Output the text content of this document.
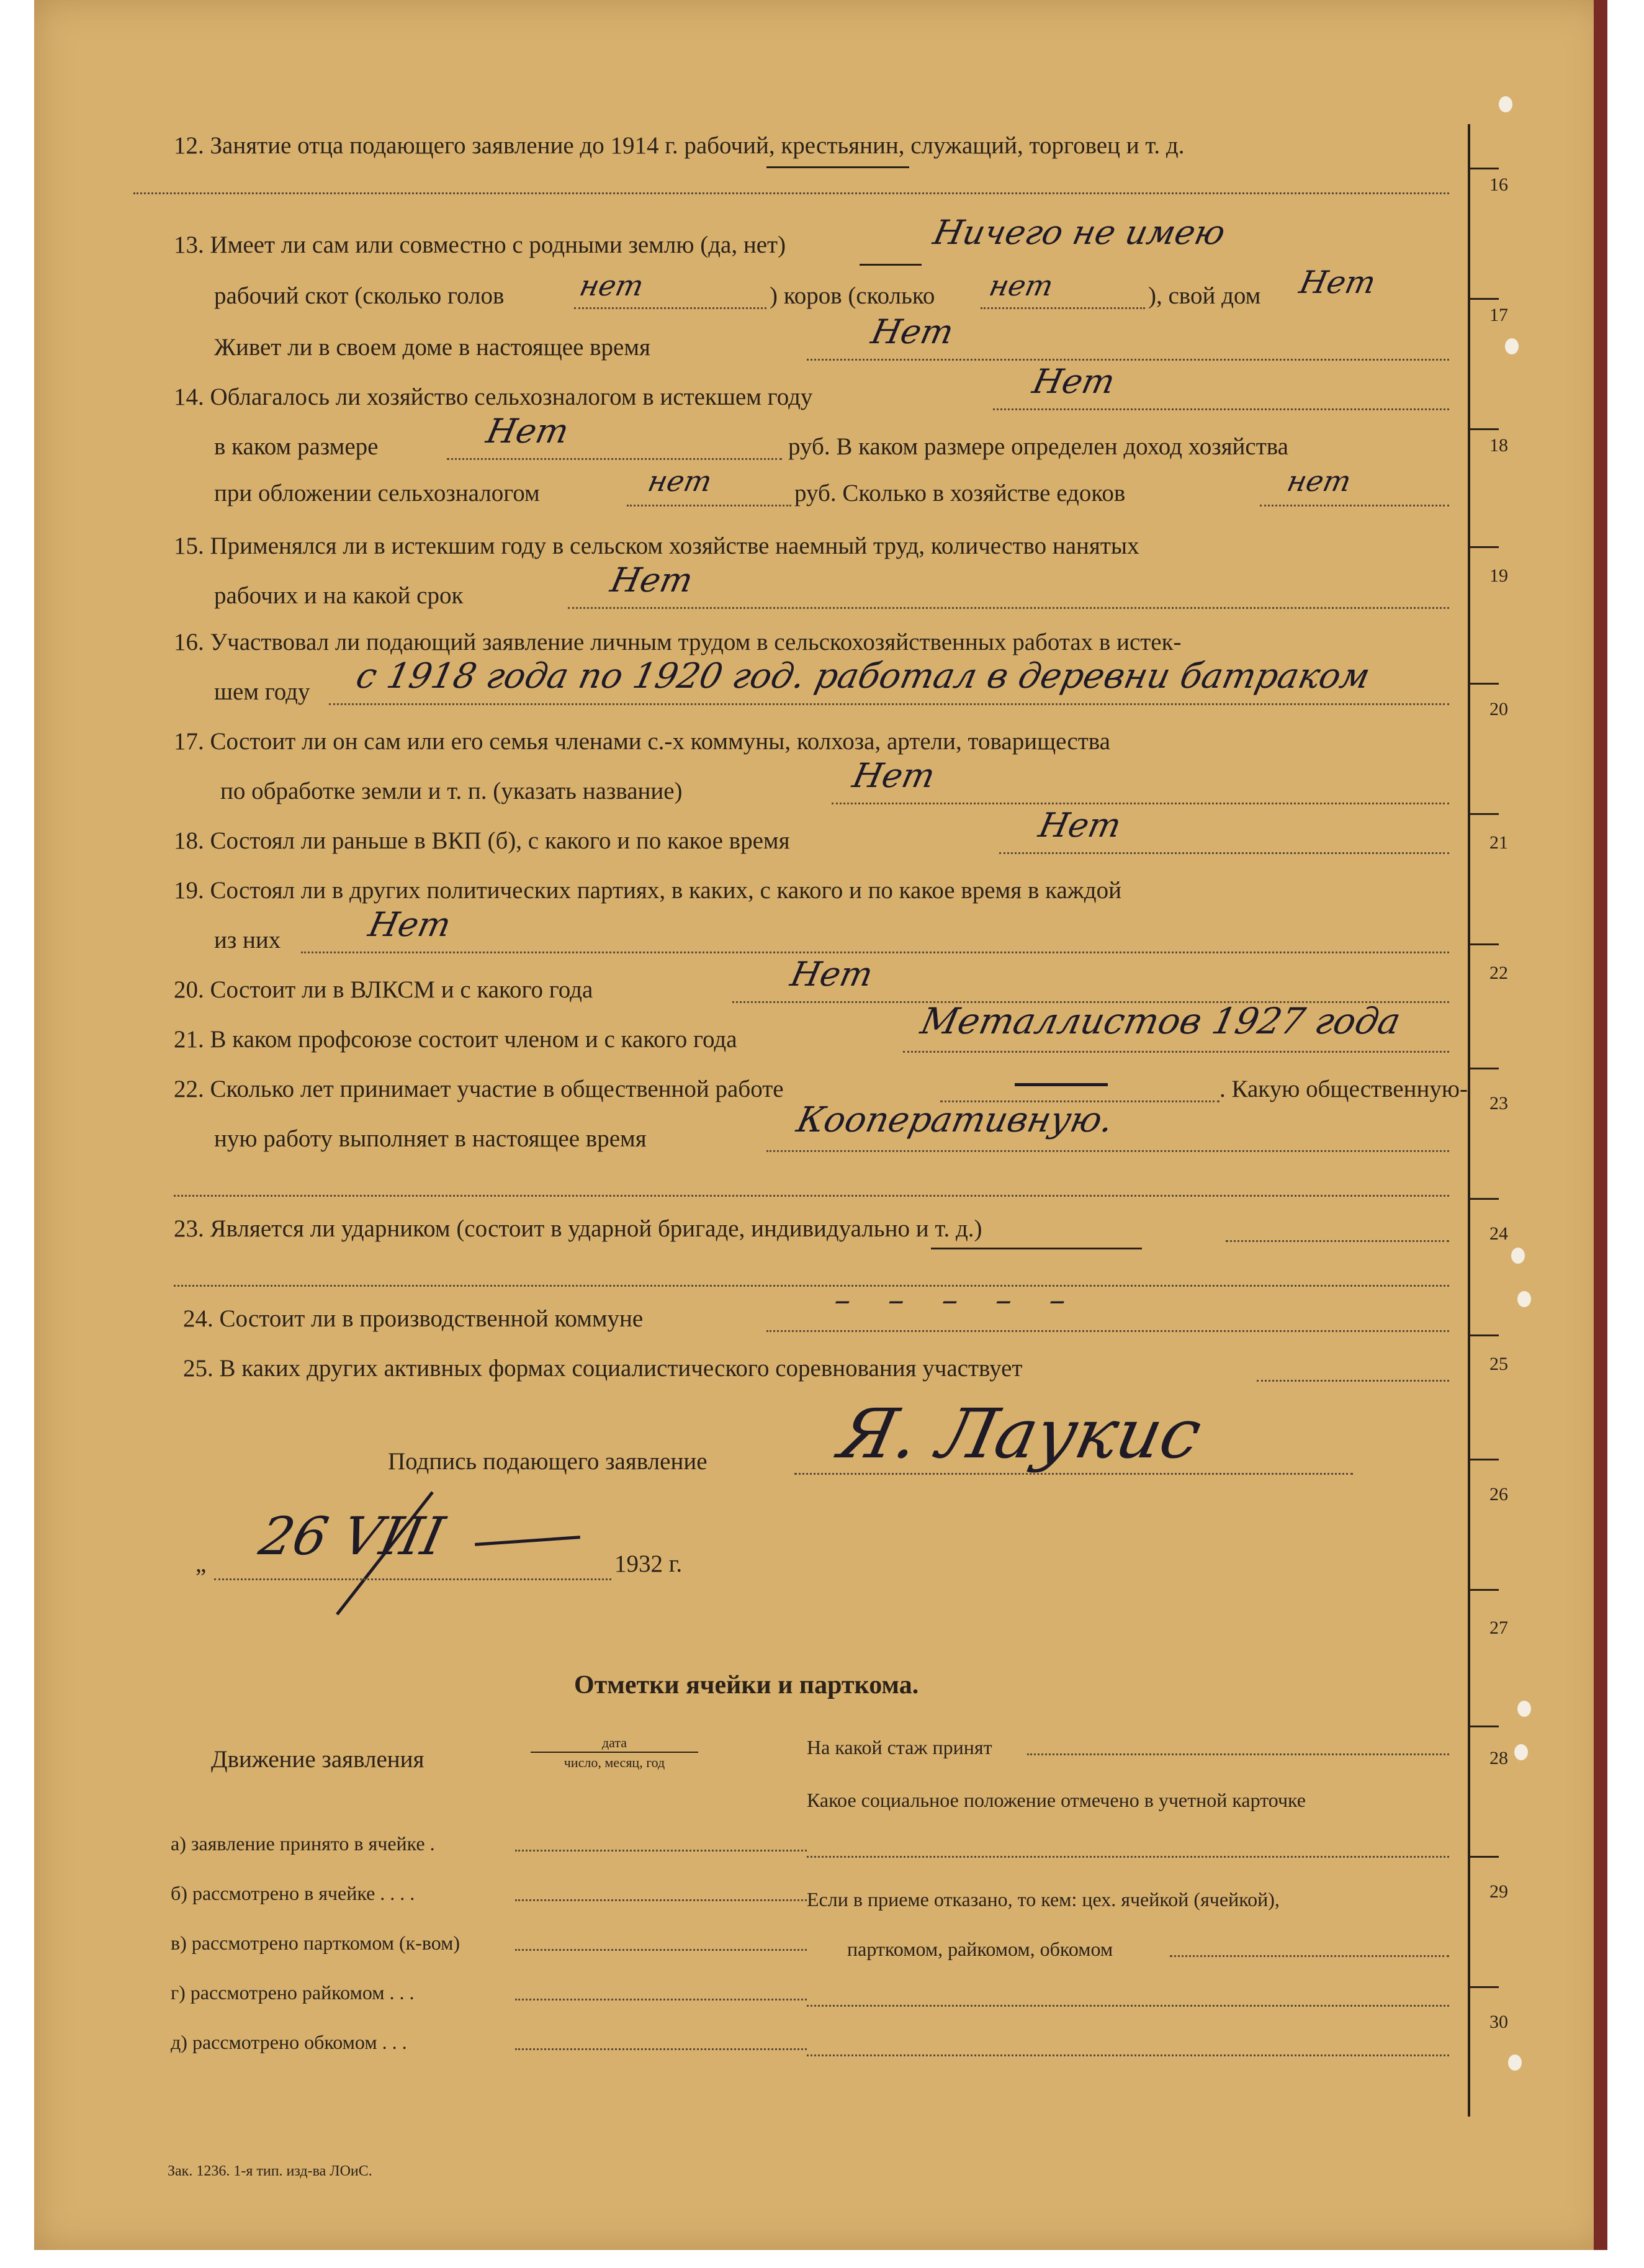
16
17
18
19
20
21
22
23
24
25
26
27
28
29
30
12. Занятие отца подающего заявление до 1914 г. рабочий, крестьянин, служащий, торговец и т. д.
13. Имеет ли сам или совместно с родными землю (да, нет)	Ничего не имею
рабочий скот (сколько голов	нет	) коров (сколько нет	), свой дом Нет
Живет ли в своем доме в настоящее время	Нет
14. Облагалось ли хозяйство сельхозналогом в истекшем году	Нет
в каком размере	Нет	руб. В каком размере определен доход хозяйства
при обложении сельхозналогом	нет	руб. Сколько в хозяйстве едоков	нет
15. Применялся ли в истекшим году в сельском хозяйстве наемный труд, количество нанятых
рабочих и на какой срок	Нет
16. Участвовал ли подающий заявление личным трудом в сельскохозяйственных работах в истек-
шем году с 1918 года по 1920 год. работал в деревни батраком
17. Состоит ли он сам или его семья членами с.-х коммуны, колхоза, артели, товарищества
по обработке земли и т. п. (указать название)	Нет
18. Состоял ли раньше в ВКП (б), с какого и по какое время	Нет
19. Состоял ли в других политических партиях, в каких, с какого и по какое время в каждой
из них	Нет
20. Состоит ли в ВЛКСМ и с какого года	Нет
21. В каком профсоюзе состоит членом и с какого года	Металлистов 1927 года
22. Сколько лет принимает участие в общественной работе	. Какую общественную-
ную работу выполняет в настоящее время	Кооперативную.
23. Является ли ударником (состоит в ударной бригаде, индивидуально и т. д.)
24. Состоит ли в производственной коммуне	– – – – –
25. В каких других активных формах социалистического соревнования участвует
Подпись подающего заявление Я. Лаукис
„ 26 VIII	1932 г.
Отметки ячейки и парткома.
Движение заявления
дата
число, месяц, год
а) заявление принято в ячейке .
б) рассмотрено в ячейке . . . .
в) рассмотрено парткомом (к-вом)
г) рассмотрено райкомом . . .
д) рассмотрено обкомом . . .
На какой стаж принят
Какое социальное положение отмечено в учетной карточке
Если в приеме отказано, то кем: цех. ячейкой (ячейкой),
парткомом, райкомом, обкомом
Зак. 1236. 1-я тип. изд-ва ЛОиС.
